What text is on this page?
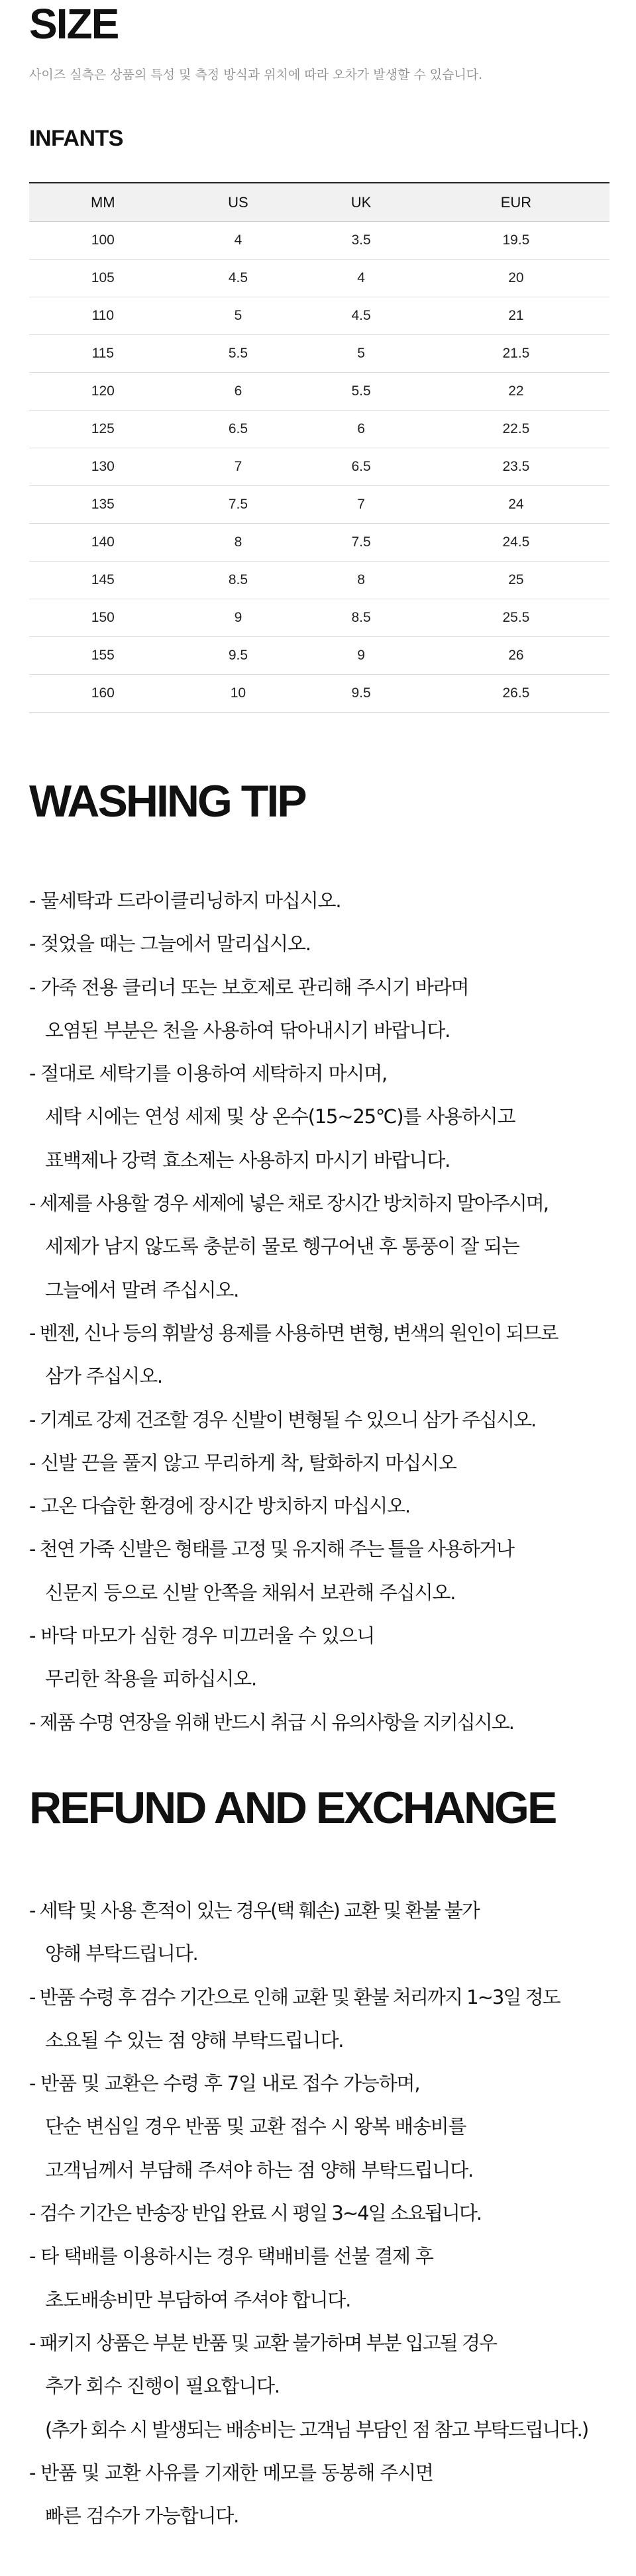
SIZE

사이즈 실측은 상품의 특성 및 측정 방식과 위치에 따라 오차가 발생할 수 있습니다.

INFANTS
MM	US	UK	EUR
100	4	3.5	19.5
105	4.5	4	20
110	5	4.5	21
115	5.5	5	21.5
120	6	5.5	22
125	6.5	6	22.5
130	7	6.5	23.5
135	7.5	7	24
140	8	7.5	24.5
145	8.5	8	25
150	9	8.5	25.5
155	9.5	9	26
160	10	9.5	26.5
WASHING TIP
- 물세탁과 드라이클리닝하지 마십시오.
- 젖었을 때는 그늘에서 말리십시오.
- 가죽 전용 클리너 또는 보호제로 관리해 주시기 바라며
오염된 부분은 천을 사용하여 닦아내시기 바랍니다.
- 절대로 세탁기를 이용하여 세탁하지 마시며,
세탁 시에는 연성 세제 및 상 온수(15~25℃)를 사용하시고
표백제나 강력 효소제는 사용하지 마시기 바랍니다.
- 세제를 사용할 경우 세제에 넣은 채로 장시간 방치하지 말아주시며,
세제가 남지 않도록 충분히 물로 헹구어낸 후 통풍이 잘 되는
그늘에서 말려 주십시오.
- 벤젠, 신나 등의 휘발성 용제를 사용하면 변형, 변색의 원인이 되므로
삼가 주십시오.
- 기계로 강제 건조할 경우 신발이 변형될 수 있으니 삼가 주십시오.
- 신발 끈을 풀지 않고 무리하게 착, 탈화하지 마십시오
- 고온 다습한 환경에 장시간 방치하지 마십시오.
- 천연 가죽 신발은 형태를 고정 및 유지해 주는 틀을 사용하거나
신문지 등으로 신발 안쪽을 채워서 보관해 주십시오.
- 바닥 마모가 심한 경우 미끄러울 수 있으니
무리한 착용을 피하십시오.
- 제품 수명 연장을 위해 반드시 취급 시 유의사항을 지키십시오.
REFUND AND EXCHANGE
- 세탁 및 사용 흔적이 있는 경우(택 훼손) 교환 및 환불 불가
양해 부탁드립니다.
- 반품 수령 후 검수 기간으로 인해 교환 및 환불 처리까지 1~3일 정도
소요될 수 있는 점 양해 부탁드립니다.
- 반품 및 교환은 수령 후 7일 내로 접수 가능하며,
단순 변심일 경우 반품 및 교환 접수 시 왕복 배송비를
고객님께서 부담해 주셔야 하는 점 양해 부탁드립니다.
- 검수 기간은 반송장 반입 완료 시 평일 3~4일 소요됩니다.
- 타 택배를 이용하시는 경우 택배비를 선불 결제 후
초도배송비만 부담하여 주셔야 합니다.
- 패키지 상품은 부분 반품 및 교환 불가하며 부분 입고될 경우
추가 회수 진행이 필요합니다.
(추가 회수 시 발생되는 배송비는 고객님 부담인 점 참고 부탁드립니다.)
- 반품 및 교환 사유를 기재한 메모를 동봉해 주시면
빠른 검수가 가능합니다.
